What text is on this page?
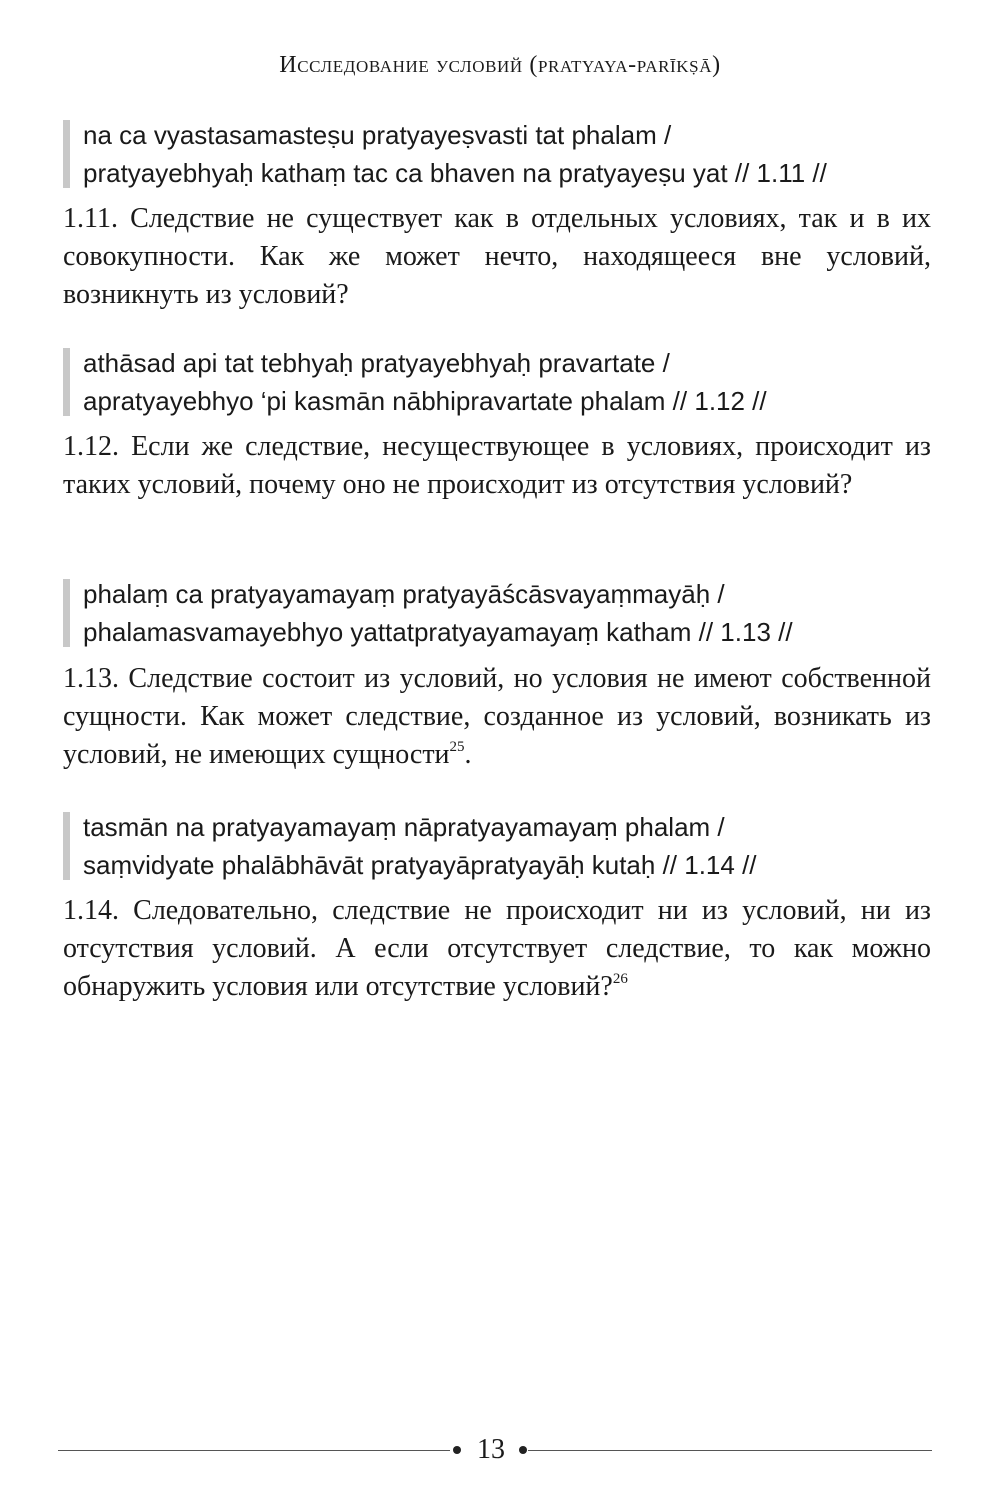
Исследование условий (pratyaya-parīkṣā)
na ca vyastasamasteṣu pratyayeṣvasti tat phalam /
pratyayebhyaḥ kathaṃ tac ca bhaven na pratyayeṣu yat // 1.11 //
1.11. Следствие не существует как в отдельных условиях, так и в их совокупности. Как же может нечто, находящееся вне условий, возникнуть из условий?
athāsad api tat tebhyaḥ pratyayebhyaḥ pravartate /
apratyayebhyo ‘pi kasmān nābhipravartate phalam // 1.12 //
1.12. Если же следствие, несуществующее в условиях, происходит из таких условий, почему оно не происходит из отсутствия условий?
phalaṃ ca pratyayamayaṃ pratyayāścāsvayaṃmayāḥ /
phalamasvamayebhyo yattatpratyayamayaṃ katham // 1.13 //
1.13. Следствие состоит из условий, но условия не имеют собственной сущности. Как может следствие, созданное из условий, возникать из условий, не имеющих сущности$^{25}$.
tasmān na pratyayamayaṃ nāpratyayamayaṃ phalam /
saṃvidyate phalābhāvāt pratyayāpratyayāḥ kutaḥ // 1.14 //
1.14. Следовательно, следствие не происходит ни из условий, ни из отсутствия условий. А если отсутствует следствие, то как можно обнаружить условия или отсутствие условий?$^{26}$
13
